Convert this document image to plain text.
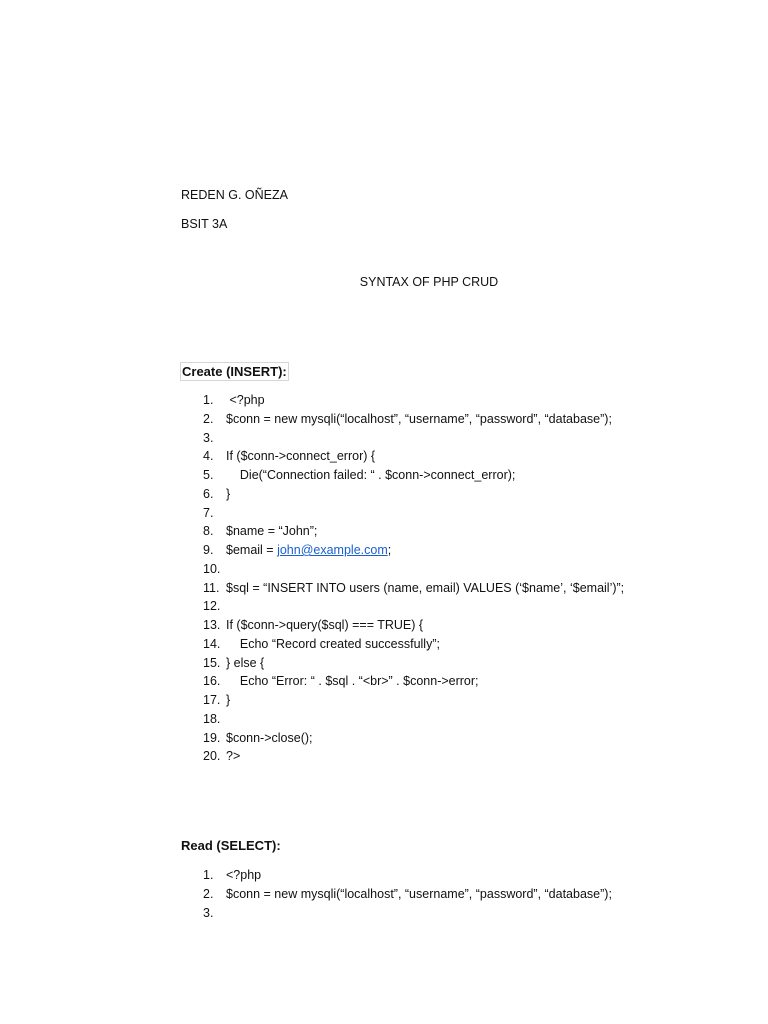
REDEN G. OÑEZA
BSIT 3A
SYNTAX OF PHP CRUD
Create (INSERT):
1.	<?php
2.	$conn = new mysqli(“localhost”, “username”, “password”, “database”);
3.
4.	If ($conn->connect_error) {
5.	Die(“Connection failed: “ . $conn->connect_error);
6.	}
7.
8.	$name = “John”;
9.	$email = john@example.com;
10.
11. $sql = “INSERT INTO users (name, email) VALUES (‘$name’, ‘$email’)”;
12.
13. If ($conn->query($sql) === TRUE) {
14. Echo “Record created successfully”;
15. } else {
16. Echo “Error: “ . $sql . “<br>” . $conn->error;
17. }
18.
19. $conn->close();
20. ?>
Read (SELECT):
1.	<?php
2.	$conn = new mysqli(“localhost”, “username”, “password”, “database”);
3.
